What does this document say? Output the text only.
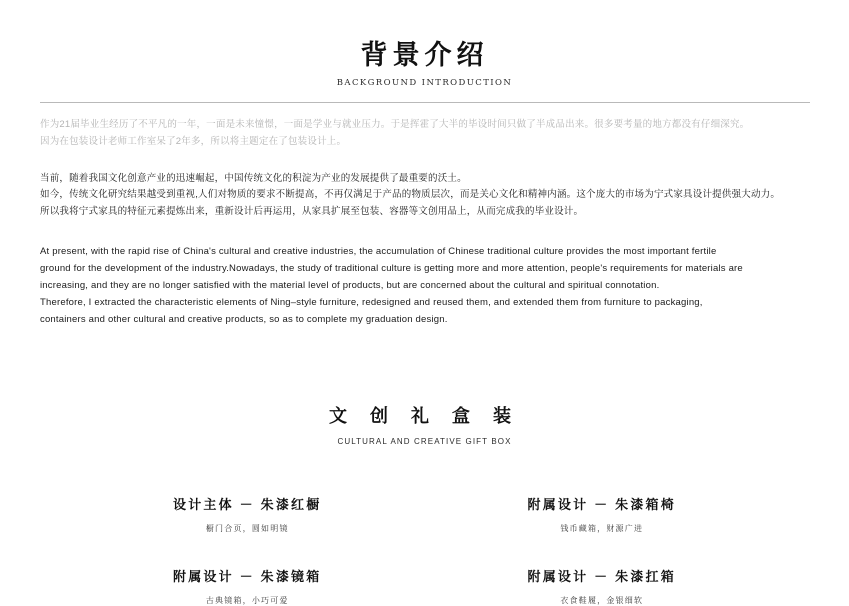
背景介绍
BACKGROUND INTRODUCTION

作为21届毕业生经历了不平凡的一年，一面是未来憧憬，一面是学业与就业压力。于是挥霍了大半的毕设时间只做了半成品出来。很多要考量的地方都没有仔细深究。

因为在包装设计老师工作室呆了2年多，所以将主题定在了包装设计上。

当前，随着我国文化创意产业的迅速崛起，中国传统文化的积淀为产业的发展提供了最重要的沃土。

如今，传统文化研究结果越受到重视,人们对物质的要求不断提高，不再仅满足于产品的物质层次，而是关心文化和精神内涵。这个庞大的市场为宁式家具设计提供强大动力。

所以我将宁式家具的特征元素提炼出来，重新设计后再运用，从家具扩展至包装、容器等文创用品上，从而完成我的毕业设计。

At present, with the rapid rise of China's cultural and creative industries, the accumulation of Chinese traditional culture provides the most important fertile

ground for the development of the industry.Nowadays, the study of traditional culture is getting more and more attention, people's requirements for materials are

increasing, and they are no longer satisfied with the material level of products, but are concerned about the cultural and spiritual connotation.

Therefore, I extracted the characteristic elements of Ning–style furniture, redesigned and reused them, and extended them from furniture to packaging,

containers and other cultural and creative products, so as to complete my graduation design.

文 创 礼 盒 装
CULTURAL AND CREATIVE GIFT BOX
设计主体 － 朱漆红橱
橱门合页，圆如明镜
附属设计 － 朱漆箱椅
钱币藏箱，财源广进
附属设计 － 朱漆镜箱
古典镜箱，小巧可爱
附属设计 － 朱漆扛箱
衣食鞋履，金银细软
